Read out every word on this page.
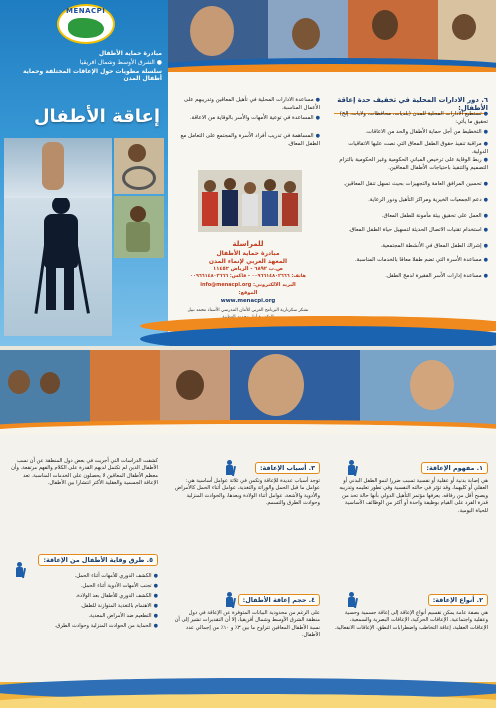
MENACPI
مبادرة حماية الأطفال
● الشرق الأوسط وشمال افريقيا
سلسلة مطويات حول الإعاقات المختلفة وحماية أطفال المدن
إعاقة الأطفال
● مساعدة الادارات المحلية في تأهيل المعاقين وتدريبهم على الأعمال المناسبة.
● المساعدة في توعية الأمهات والأسر بالوقاية من الاعاقة.
● المساهمة في تدريب أفراد الأسرة والمجتمع على التعامل مع الطفل المعاق.
للمراسلة
مبادرة حماية الأطفال
المعهد العربي لإنماء المدن
ص.ب ٦٨٩٢ - الرياض ١١٤٥٢
هاتف: ٠٠٩٦٦١٤٨٠٢٦٦٦ - فاكس: ٠٠٩٦٦١٤٨٠٢٦٦٦
البريد الالكتروني: info@menacpi.org
الموقع:
www.menacpi.org
نشكر سكرتارية البرنامج العربي للأمان المدرسي الأستاذ محمد نبيل
٦. دور الادارات المحلية في تخفيف حدة إعاقة الأطفال:
● تستطيع الادارات المحلية للمدن (بلديات، محافظات، ولايات، إلخ) تحقيق ما يأتي:
● التخطيط من أجل حماية الأطفال والحد من الاعاقات.
● مراقبة تنفيذ حقوق الطفل المعاق التي نصت عليها الاتفاقيات الدولية.
● ربط الوقاية على ترخيص المباني الحكومية وغير الحكومية بالتزام التصميم والتنفيذ باحتياجات الأطفال المعاقين.
● تحسين المرافق العامة والتجهيزات بحيث تسهل تنقل المعاقين.
● دعم الجمعيات الخيرية ومراكز التأهيل ودور الرعاية.
● العمل على تحقيق بيئة مأمونة للطفل المعاق.
● استخدام تقنيات الاتصال الحديثة لتسهيل حياة الطفل المعاق.
● إشراك الطفل المعاق في الأنشطة المجتمعية.
● مساعدة الأسرة التي تضم طفلا معاقا بالخدمات المناسبة.
● مساعدة إدارات الأسر الفقيرة لدمج الطفل.
١. مفهوم الإعاقة:
هي إصابة بدنية أو عقلية أو نفسية تسبب ضررا لنمو الطفل البدني أو العقلي أو كليهما، وقد تؤثر في حالته النفسية وفي تطور تعليمه وتدريبه ويصبح أقل من رفاقه. يعرفها مؤتمر التأهيل الدولي بأنها حالة تحد من قدرة الفرد على القيام بوظيفة واحدة أو أكثر من الوظائف الأساسية للحياة اليومية.
٢. أنواع الإعاقة:
هي بصفة عامة يمكن تقسيم أنواع الإعاقة إلى إعاقة جسمية وحسية وعقلية واجتماعية. الإعاقات الحركية، الإعاقات البصرية والسمعية، الإعاقات العقلية، إعاقة التخاطب واضطرابات النطق، الإعاقات الانفعالية.
٣. أسباب الإعاقة:
توجد أسباب عديدة للإعاقة وتكمن في ثلاثة عوامل أساسية هي: عوامل ما قبل الحمل والوراثة والتغذية، عوامل أثناء الحمل كالأمراض والأدوية والأشعة، عوامل أثناء الولادة وبعدها، والحوادث المنزلية وحوادث الطرق والتسمم.
٤. حجم إعاقة الأطفال:
على الرغم من محدودية البيانات المتوفرة عن الإعاقة في دول منطقة الشرق الأوسط وشمال أفريقيا، إلا أن التقديرات تشير إلى أن نسبة الأطفال المعاقين تتراوح ما بين ٣٪ و ١٠٪ من إجمالي عدد الأطفال.
كشفت الدراسات التي أجريت في بعض دول المنطقة عن أن نسب الأطفال الذين لم تكتمل لديهم القدرة على الكلام والفهم مرتفعة. وأن معظم الأطفال المعاقين لا يحصلون على الخدمات المناسبة. تعد الإعاقة الجسمية والعقلية الأكثر انتشارا بين الأطفال.
٥. طرق وقاية الأطفال من الإعاقة:
● الكشف الدوري للأمهات أثناء الحمل.
● تجنب الأمهات الأدوية أثناء الحمل.
● الكشف الدوري للأطفال بعد الولادة.
● الاهتمام بالتغذية المتوازنة للطفل.
● التطعيم ضد الأمراض المعدية.
● الحماية من الحوادث المنزلية وحوادث الطرق.
